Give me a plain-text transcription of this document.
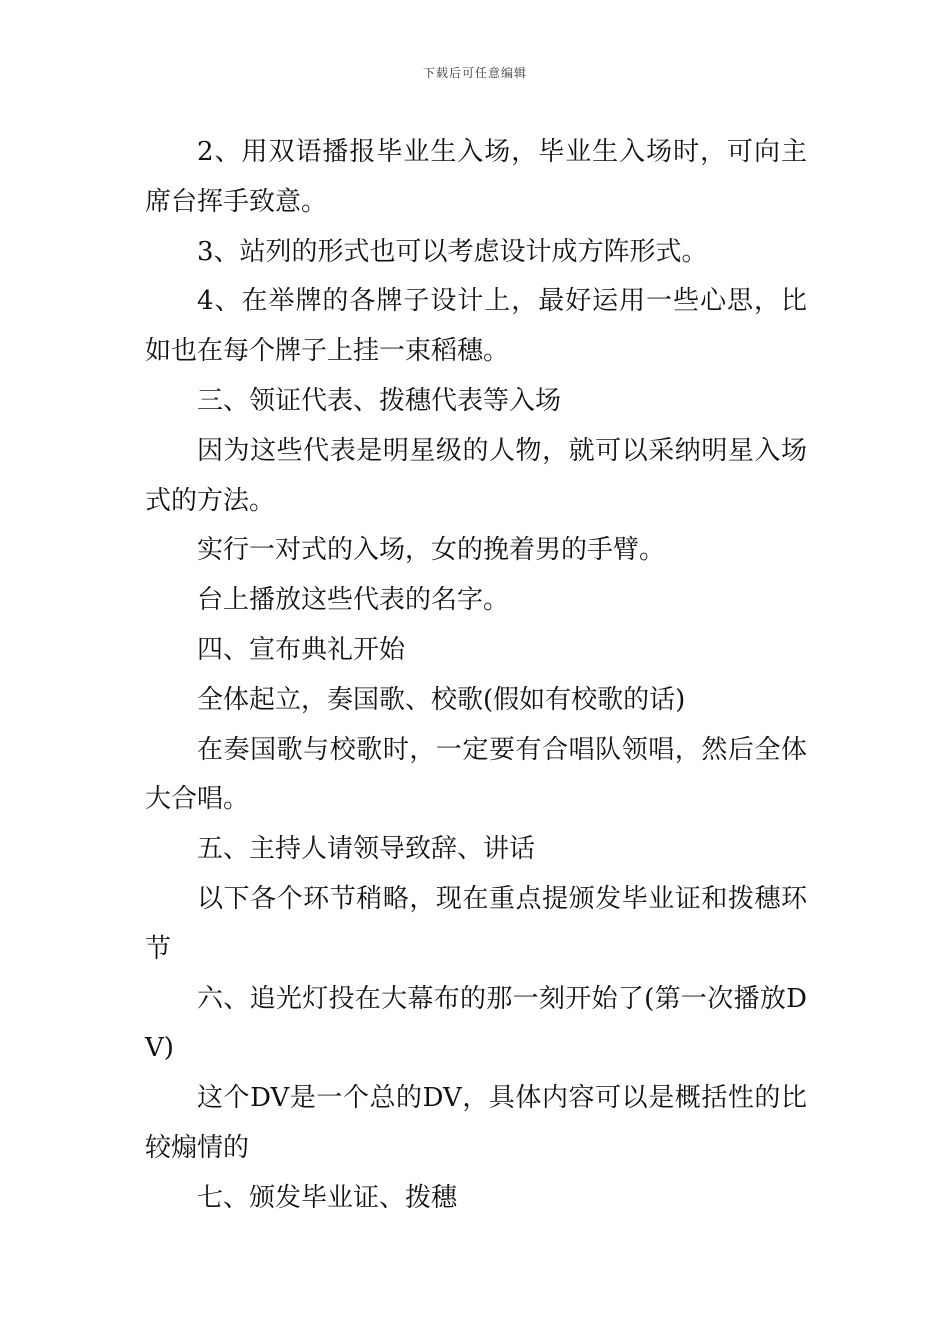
下载后可任意编辑

2、用双语播报毕业生入场，毕业生入场时，可向主席台挥手致意。

3、站列的形式也可以考虑设计成方阵形式。

4、在举牌的各牌子设计上，最好运用一些心思，比如也在每个牌子上挂一束稻穗。

三、领证代表、拨穗代表等入场

因为这些代表是明星级的人物，就可以采纳明星入场式的方法。

实行一对式的入场，女的挽着男的手臂。

台上播放这些代表的名字。

四、宣布典礼开始

全体起立，奏国歌、校歌(假如有校歌的话)

在奏国歌与校歌时，一定要有合唱队领唱，然后全体大合唱。

五、主持人请领导致辞、讲话

以下各个环节稍略，现在重点提颁发毕业证和拨穗环节

六、追光灯投在大幕布的那一刻开始了(第一次播放DV)

这个DV是一个总的DV，具体内容可以是概括性的比较煽情的

七、颁发毕业证、拨穗
